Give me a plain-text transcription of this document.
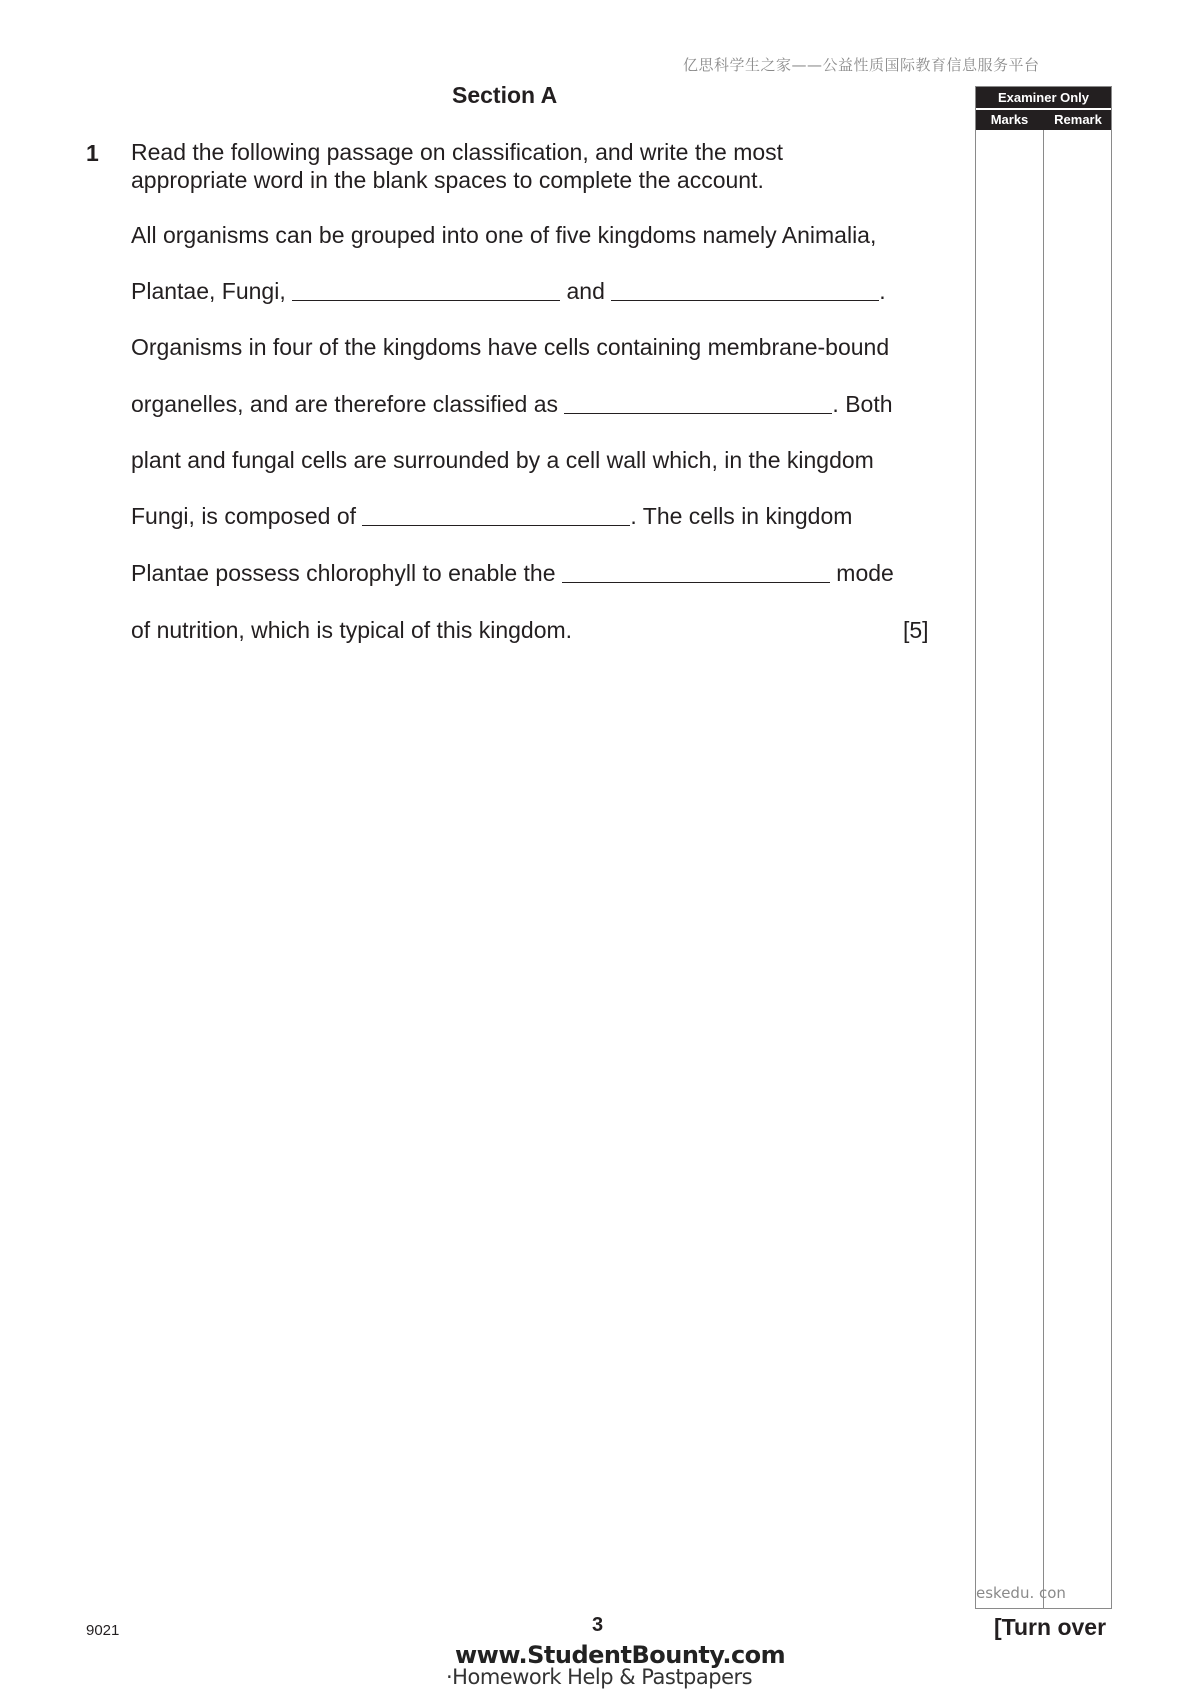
亿思科学生之家——公益性质国际教育信息服务平台
Section A
1 Read the following passage on classification, and write the most
appropriate word in the blank spaces to complete the account.
All organisms can be grouped into one of five kingdoms namely Animalia,
Plantae, Fungi,	and	.
Organisms in four of the kingdoms have cells containing membrane-bound
organelles, and are therefore classified as	. Both
plant and fungal cells are surrounded by a cell wall which, in the kingdom
Fungi, is composed of	. The cells in kingdom
Plantae possess chlorophyll to enable the	mode
of nutrition, which is typical of this kingdom.	[5]
Examiner Only
Marks	Remark
eskedu. con
9021	3	[Turn over
www.StudentBounty.com
·Homework Help & Pastpapers
